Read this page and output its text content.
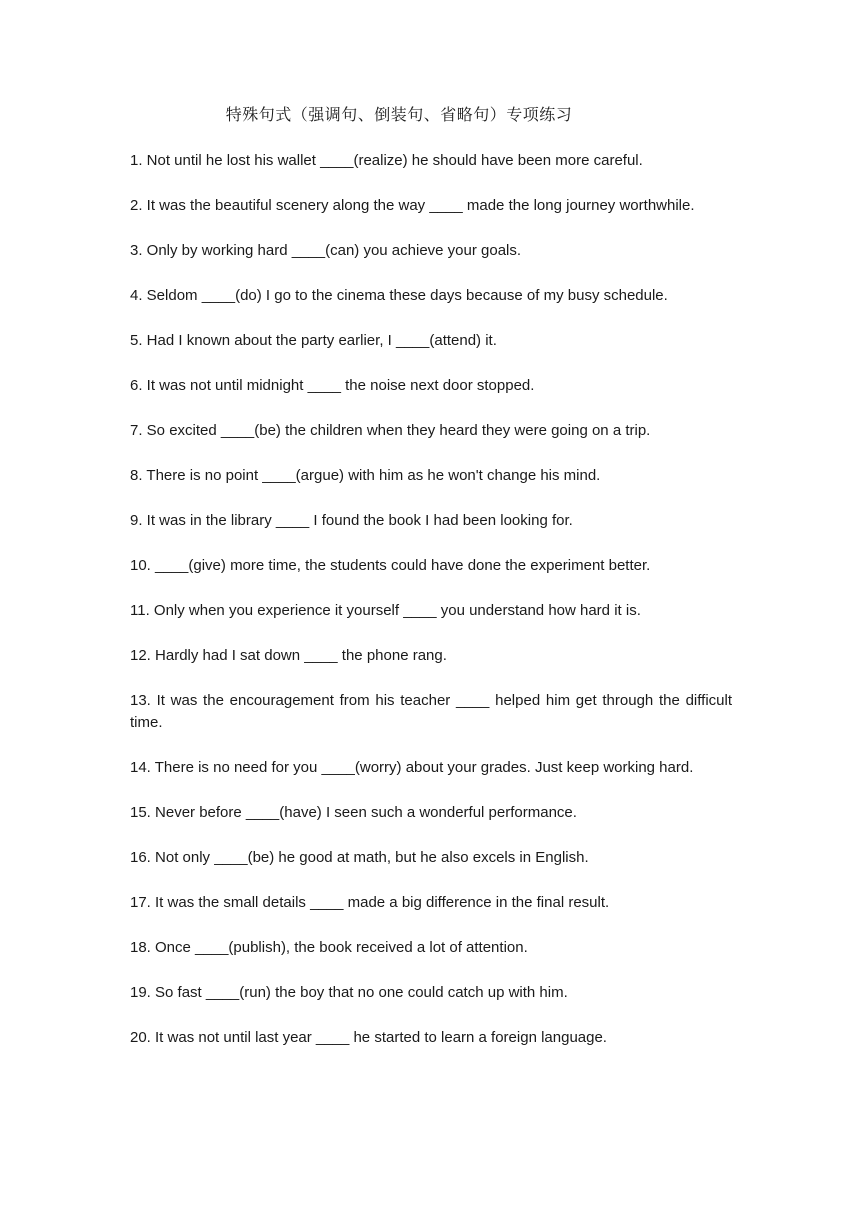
特殊句式（强调句、倒装句、省略句）专项练习

1. Not until he lost his wallet ____(realize) he should have been more careful.

2. It was the beautiful scenery along the way ____ made the long journey worthwhile.

3. Only by working hard ____(can) you achieve your goals.

4. Seldom ____(do) I go to the cinema these days because of my busy schedule.

5. Had I known about the party earlier, I ____(attend) it.

6. It was not until midnight ____ the noise next door stopped.

7. So excited ____(be) the children when they heard they were going on a trip.

8. There is no point ____(argue) with him as he won't change his mind.

9. It was in the library ____ I found the book I had been looking for.

10. ____(give) more time, the students could have done the experiment better.

11. Only when you experience it yourself ____ you understand how hard it is.

12. Hardly had I sat down ____ the phone rang.

13. It was the encouragement from his teacher ____ helped him get through the difficult time.

14. There is no need for you ____(worry) about your grades. Just keep working hard.

15. Never before ____(have) I seen such a wonderful performance.

16. Not only ____(be) he good at math, but he also excels in English.

17. It was the small details ____ made a big difference in the final result.

18. Once ____(publish), the book received a lot of attention.

19. So fast ____(run) the boy that no one could catch up with him.

20. It was not until last year ____ he started to learn a foreign language.
